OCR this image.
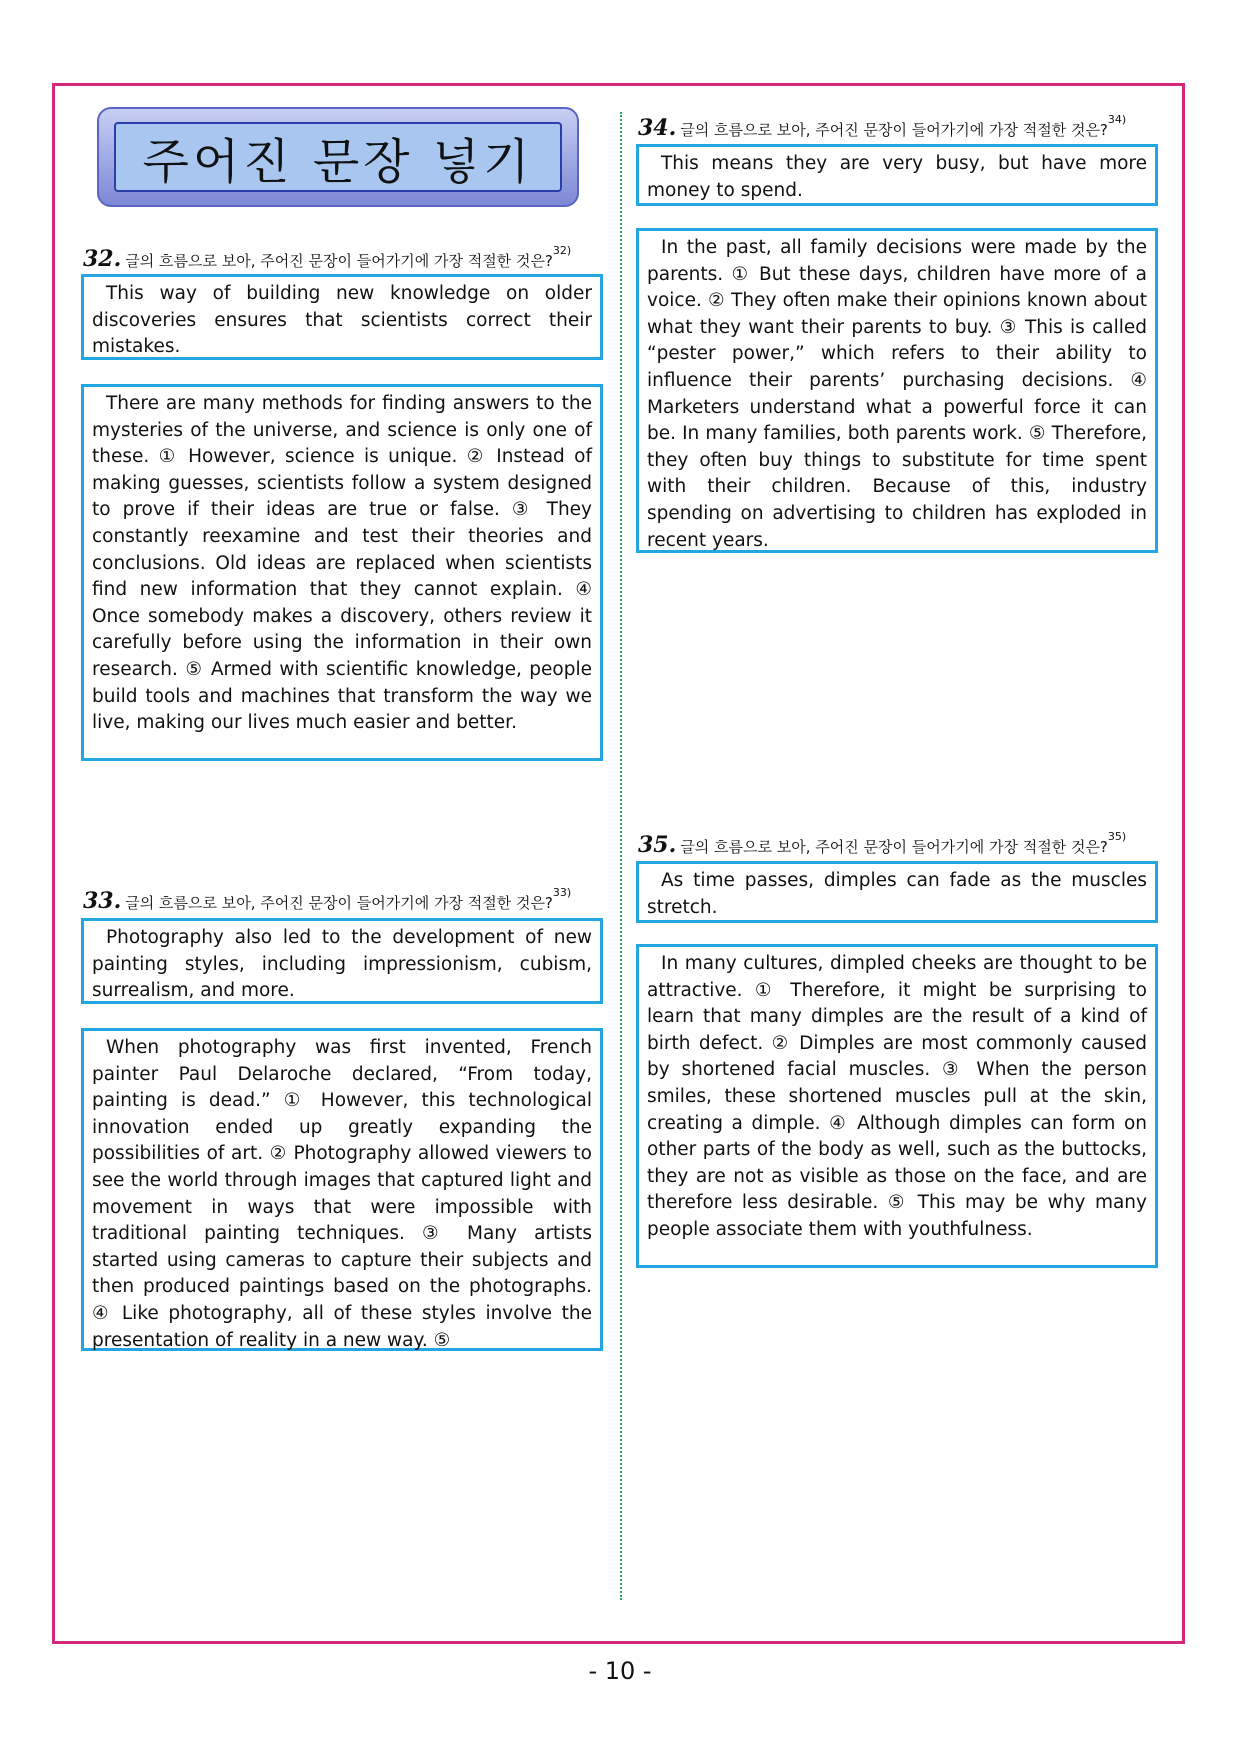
주어진 문장 넣기
32. 글의 흐름으로 보아, 주어진 문장이 들어가기에 가장 적절한 것은?$^{32)}$
This way of building new knowledge on older discoveries ensures that scientists correct their mistakes.
There are many methods for finding answers to the mysteries of the universe, and science is only one of these. ① However, science is unique. ② Instead of making guesses, scientists follow a system designed to prove if their ideas are true or false. ③ They constantly reexamine and test their theories and conclusions. Old ideas are replaced when scientists find new information that they cannot explain. ④ Once somebody makes a discovery, others review it carefully before using the information in their own research. ⑤ Armed with scientific knowledge, people build tools and machines that transform the way we live, making our lives much easier and better.
33. 글의 흐름으로 보아, 주어진 문장이 들어가기에 가장 적절한 것은?$^{33)}$
Photography also led to the development of new painting styles, including impressionism, cubism, surrealism, and more.
When photography was first invented, French painter Paul Delaroche declared, “From today, painting is dead.” ① However, this technological innovation ended up greatly expanding the possibilities of art. ② Photography allowed viewers to see the world through images that captured light and movement in ways that were impossible with traditional painting techniques. ③ Many artists started using cameras to capture their subjects and then produced paintings based on the photographs. ④ Like photography, all of these styles involve the presentation of reality in a new way. ⑤
34. 글의 흐름으로 보아, 주어진 문장이 들어가기에 가장 적절한 것은?$^{34)}$
This means they are very busy, but have more money to spend.
In the past, all family decisions were made by the parents. ① But these days, children have more of a voice. ② They often make their opinions known about what they want their parents to buy. ③ This is called “pester power,” which refers to their ability to influence their parents’ purchasing decisions. ④ Marketers understand what a powerful force it can be. In many families, both parents work. ⑤ Therefore, they often buy things to substitute for time spent with their children. Because of this, industry spending on advertising to children has exploded in recent years.
35. 글의 흐름으로 보아, 주어진 문장이 들어가기에 가장 적절한 것은?$^{35)}$
As time passes, dimples can fade as the muscles stretch.
In many cultures, dimpled cheeks are thought to be attractive. ① Therefore, it might be surprising to learn that many dimples are the result of a kind of birth defect. ② Dimples are most commonly caused by shortened facial muscles. ③ When the person smiles, these shortened muscles pull at the skin, creating a dimple. ④ Although dimples can form on other parts of the body as well, such as the buttocks, they are not as visible as those on the face, and are therefore less desirable. ⑤ This may be why many people associate them with youthfulness.
- 10 -
